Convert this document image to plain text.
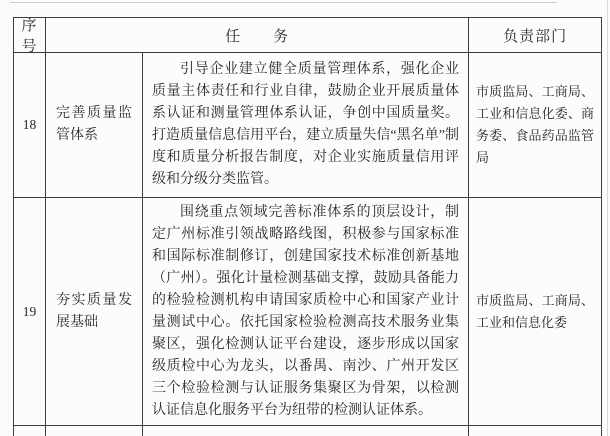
序号
任　　务	负责部门
18
完善质量监管体系
引导企业建立健全质量管理体系，强化企业质量主体责任和行业自律，鼓励企业开展质量体系认证和测量管理体系认证，争创中国质量奖。打造质量信息信用平台，建立质量失信“黑名单”制度和质量分析报告制度，对企业实施质量信用评级和分级分类监管。
市质监局、工商局、工业和信息化委、商务委、食品药品监管局
19
夯实质量发展基础
围绕重点领域完善标准体系的顶层设计，制定广州标准引领战略路线图，积极参与国家标准和国际标准制修订，创建国家技术标准创新基地（广州）。强化计量检测基础支撑，鼓励具备能力的检验检测机构申请国家质检中心和国家产业计量测试中心。依托国家检验检测高技术服务业集聚区，强化检测认证平台建设，逐步形成以国家级质检中心为龙头，以番禺、南沙、广州开发区三个检验检测与认证服务集聚区为骨架，以检测认证信息化服务平台为纽带的检测认证体系。
市质监局、工商局、工业和信息化委
